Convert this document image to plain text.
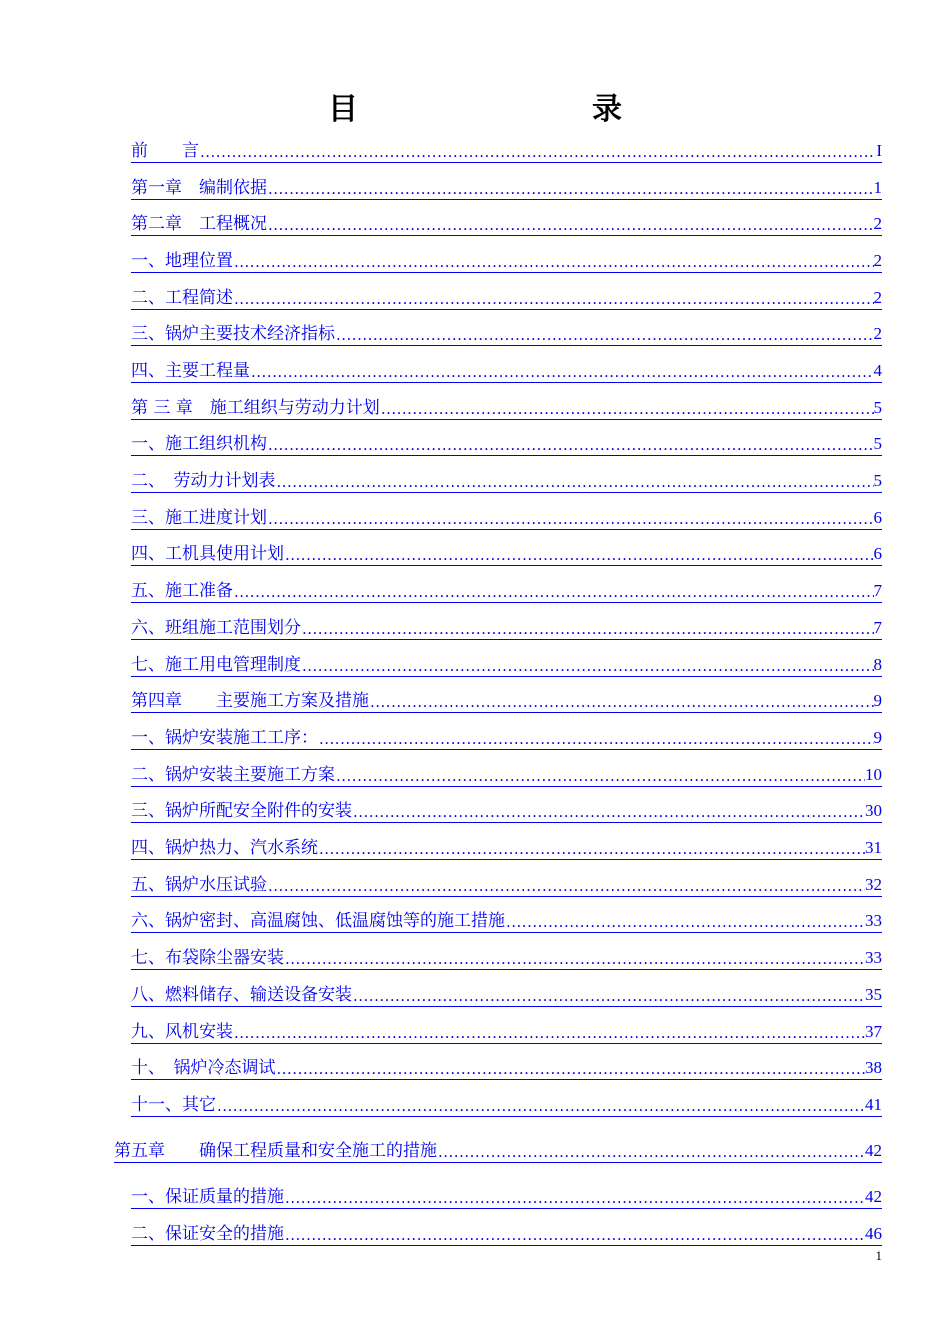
目　　录
前　　言 .....	I
第一章　编制依据 .....	1
第二章　工程概况 .....	2
一、地理位置 .....	2
二、工程简述 .....	2
三、锅炉主要技术经济指标 .....	2
四、主要工程量 .....	4
第 三 章　施工组织与劳动力计划 .....	5
一、施工组织机构 .....	5
二、　劳动力计划表 .....	5
三、施工进度计划 .....	6
四、工机具使用计划 .....	6
五、施工准备 .....	7
六、班组施工范围划分 .....	7
七、施工用电管理制度 .....	8
第四章　　主要施工方案及措施 .....	9
一、锅炉安装施工工序： .....	9
二、锅炉安装主要施工方案 .....	10
三、锅炉所配安全附件的安装 .....	30
四、锅炉热力、汽水系统 .....	31
五、锅炉水压试验 .....	32
六、锅炉密封、高温腐蚀、低温腐蚀等的施工措施 .....	33
七、布袋除尘器安装 .....	33
八、燃料储存、输送设备安装 .....	35
九、风机安装 .....	37
十、　锅炉冷态调试 .....	38
十一、其它 .....	41
第五章　　确保工程质量和安全施工的措施 .....	42
一、保证质量的措施 .....	42
二、保证安全的措施 .....	46
1
